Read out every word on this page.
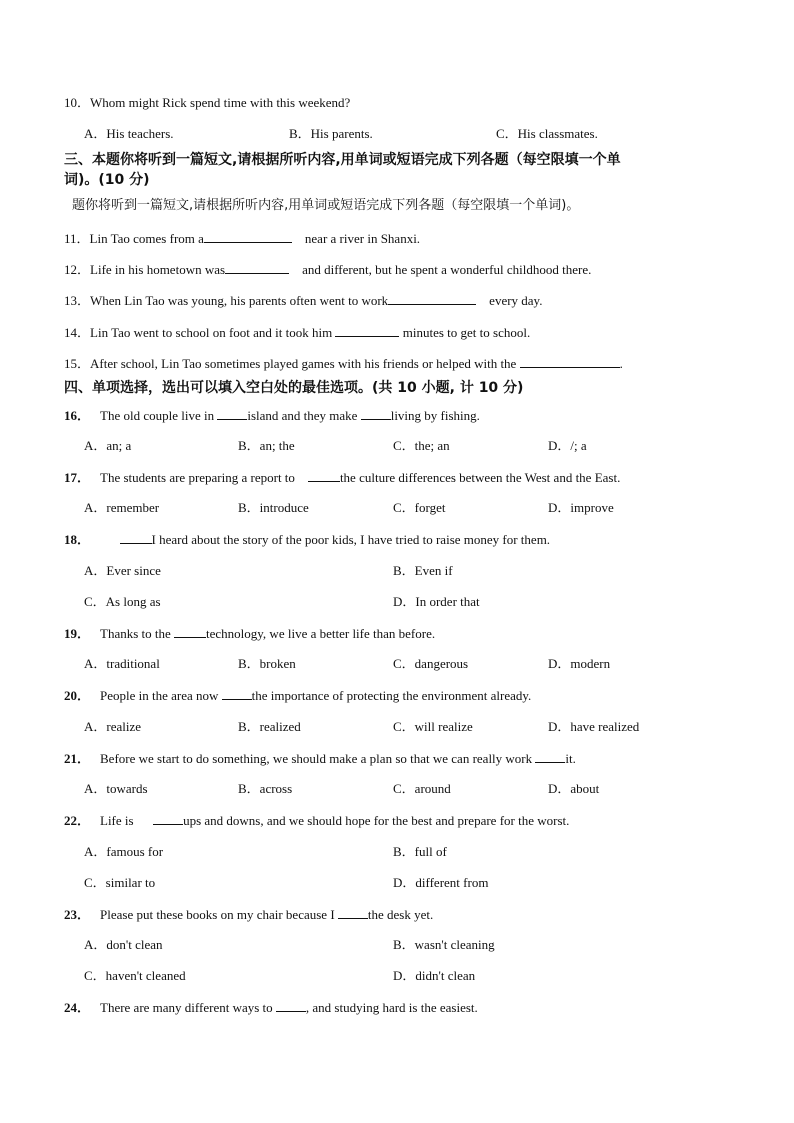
10．Whom might Rick spend time with this weekend?
A．His teachers.	B．His parents.	C．His classmates.
三、本题你将听到一篇短文,请根据所听内容,用单词或短语完成下列各题（每空限填一个单
词)。(10 分)
题你将听到一篇短文,请根据所听内容,用单词或短语完成下列各题（每空限填一个单词)。
11．Lin Tao comes from a	near a river in Shanxi.
12．Life in his hometown was	and different, but he spent a wonderful childhood there.
13．When Lin Tao was young, his parents often went to work	every day.
14．Lin Tao went to school on foot and it took him	minutes to get to school.
15．After school, Lin Tao sometimes played games with his friends or helped with the	.
四、单项选择，选出可以填入空白处的最佳选项。(共 10 小题, 计 10 分)
16． The old couple live in	island and they make	living by fishing.
A．an; a	B．an; the	C．the; an	D．/; a
17． The students are preparing a report to	the culture differences between the West and the East.
A．remember	B．introduce	C．forget	D．improve
18．	I heard about the story of the poor kids, I have tried to raise money for them.
A．Ever since	B．Even if
C．As long as	D．In order that
19． Thanks to the	technology, we live a better life than before.
A．traditional	B．broken	C．dangerous	D．modern
20． People in the area now	the importance of protecting the environment already.
A．realize	B．realized	C．will realize	D．have realized
21． Before we start to do something, we should make a plan so that we can really work	it.
A．towards	B．across	C．around	D．about
22． Life is	ups and downs, and we should hope for the best and prepare for the worst.
A．famous for	B．full of
C．similar to	D．different from
23． Please put these books on my chair because I	the desk yet.
A．don't clean	B．wasn't cleaning
C．haven't cleaned	D．didn't clean
24． There are many different ways to	, and studying hard is the easiest.
